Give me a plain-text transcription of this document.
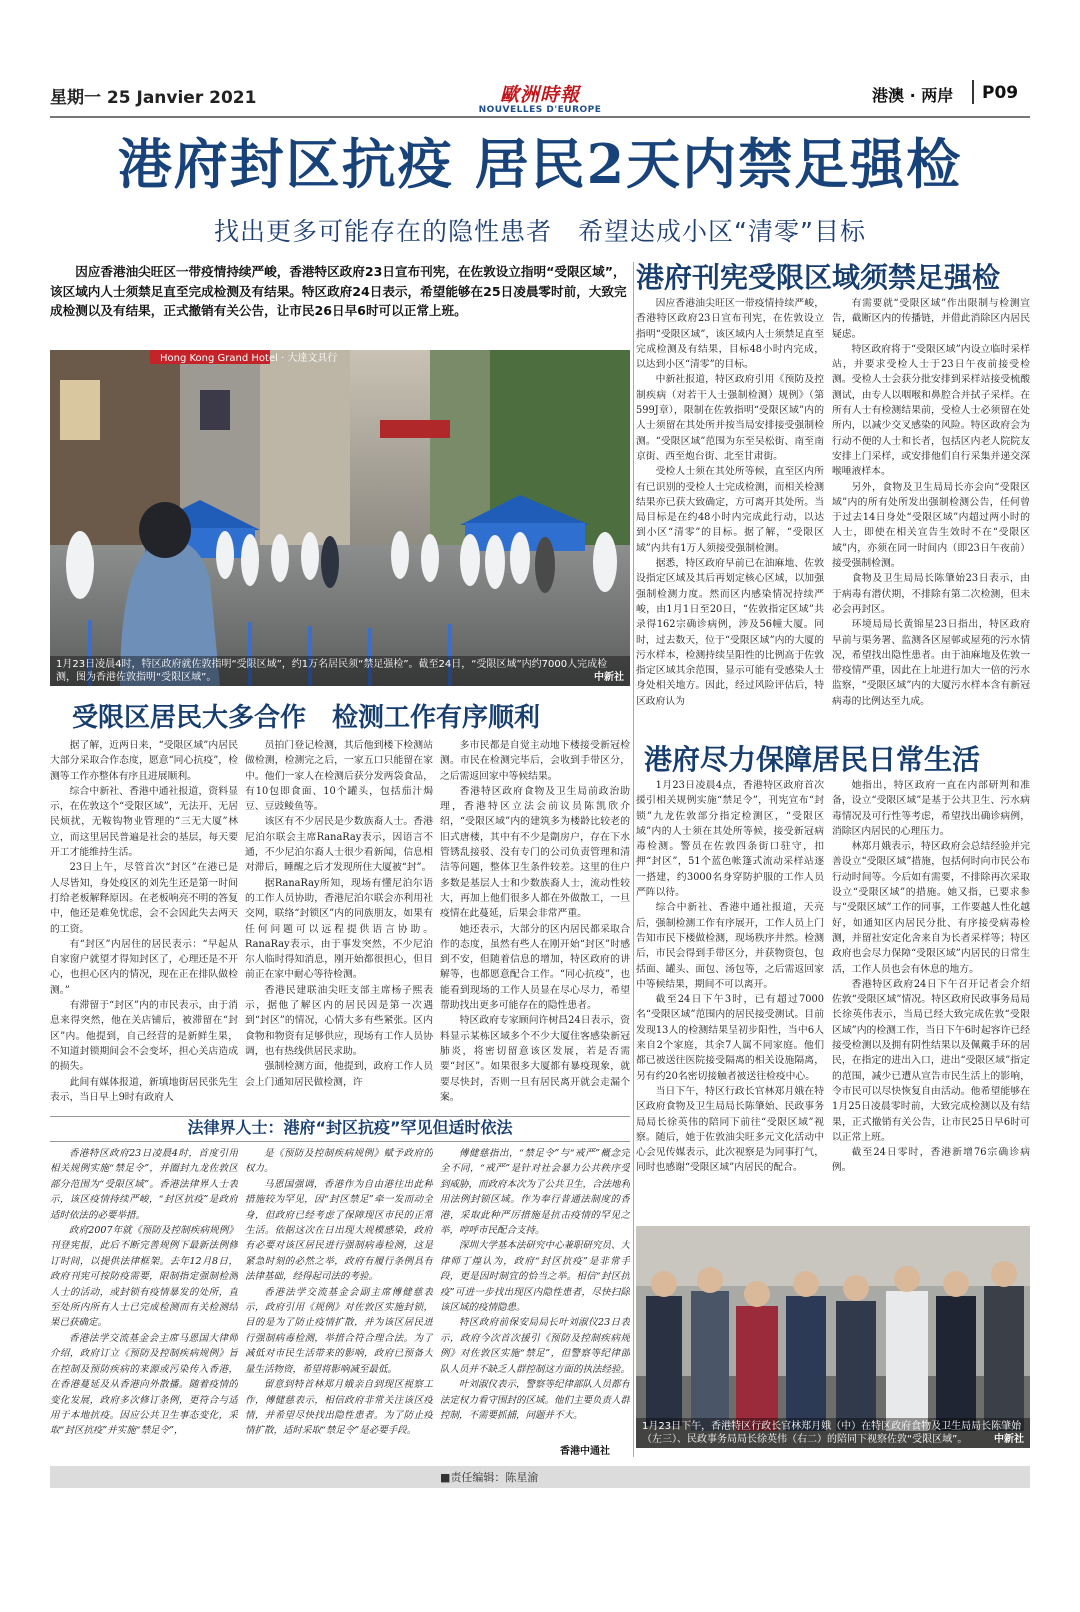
星期一 25 Janvier 2021	歐洲時報
NOUVELLES D'EUROPE
港澳 · 两岸 P09
港府封区抗疫 居民2天内禁足强检
找出更多可能存在的隐性患者　希望达成小区“清零”目标

因应香港油尖旺区一带疫情持续严峻，香港特区政府23日宣布刊宪，在佐敦设立指明“受限区域”，该区域内人士须禁足直至完成检测及有结果。特区政府24日表示，希望能够在25日凌晨零时前，大致完成检测以及有结果，正式撤销有关公告，让市民26日早6时可以正常上班。

Hong Kong Grand Hotel · 大達文具行
1月23日凌晨4时，特区政府就佐敦指明“受限区域”，约1万名居民须“禁足强检”。截至24日，“受限区域”内约7000人完成检测，图为香港佐敦指明“受限区域”。	中新社
受限区居民大多合作　检测工作有序顺利

据了解，近两日来，“受限区域”内居民大部分采取合作态度，愿意“同心抗疫”，检测等工作亦整体有序且进展顺利。

综合中新社、香港中通社报道，资料显示，在佐敦这个“受限区域”，无法开、无居民烦扰，无鞍钩物业管理的“三无大厦”林立，而这里居民普遍是社会的基层，每天要开工才能维持生活。

23日上午，尽管首次“封区”在港已是人尽皆知，身处疫区的刘先生还是第一时间打给老板解释原因。在老板响亮不明的答复中，他还是难免忧虑，会不会因此失去两天的工资。

有“封区”内居住的居民表示：“早起从自家窗户就望才得知封区了，心理还是不开心，也担心区内的情况，现在正在排队做检测。”

有滞留于“封区”内的市民表示，由于消息来得突然，他在关店铺后，被滞留在“封区”内。他提到，自己经营的是新鲜生果，不知道封锁期间会不会变坏，担心关店造成的损失。

此间有媒体报道，新填地街居民张先生表示，当日早上9时有政府人

员拍门登记检测，其后他到楼下检测站做检测，检测完之后，一家五口只能留在家中。他们一家人在检测后获分发两袋食品，有10包即食面、10个罐头，包括茄汁焗豆、豆豉鲮鱼等。

该区有不少居民是少数族裔人士。香港尼泊尔联会主席RanaRay表示，因语言不通，不少尼泊尔裔人士很少看新闻，信息相对滞后，睡醒之后才发现所住大厦被“封”。

据RanaRay所知，现场有懂尼泊尔语的工作人员协助，香港尼泊尔联会亦利用社交网，联络“封锁区”内的同族朋友，如果有任何问题可以远程提供语言协助。RanaRay表示，由于事发突然，不少尼泊尔人临时得知消息，刚开始都很担心，但目前正在家中耐心等待检测。

香港民建联油尖旺支部主席杨子熙表示，据他了解区内的居民因是第一次遇到“封区”的情况，心情大多有些紧张。区内食物和物资有足够供应，现场有工作人员协调，也有热线供居民求助。

强制检测方面，他提到，政府工作人员会上门通知居民做检测，许

多市民都是自觉主动地下楼接受新冠检测。市民在检测完毕后，会收到手带区分，之后需返回家中等候结果。

香港特区政府食物及卫生局前政治助理，香港特区立法会前议员陈凯欣介绍，“受限区域”内的建筑多为楼龄比较老的旧式唐楼，其中有不少是劏房户，存在下水管锈乱接驳、没有专门的公司负责管理和清洁等问题，整体卫生条件较差。这里的住户多数是基层人士和少数族裔人士，流动性较大，再加上他们很多人都在外做散工，一旦疫情在此蔓延，后果会非常严重。

她还表示，大部分的区内居民都采取合作的态度，虽然有些人在刚开始“封区”时感到不安，但随着信息的增加，特区政府的讲解等，也都愿意配合工作。“同心抗疫”，也能看到现场的工作人员显在尽心尽力，希望帮助找出更多可能存在的隐性患者。

特区政府专家顾问许树昌24日表示，资料显示某栋区域多个不少大厦住客感染新冠肺炎，将密切留意该区发展，若是否需要“封区”。如果很多大厦都有暴疫现象，就要尽快封，否则一旦有居民离开就会走漏个案。

法律界人士：港府“封区抗疫”罕见但适时依法

香港特区政府23日凌晨4时，首度引用相关规例实施“禁足令”，并圈封九龙佐敦区部分范围为“受限区域”。香港法律界人士表示，该区疫情持续严峻，“封区抗疫”是政府适时依法的必要举措。

政府2007年就《预防及控制疾病规例》刊登宪报，此后不断完善规例下最新法例修订时间，以提供法律框架。去年12月8日，政府刊宪可按防疫需要，限制指定强制检测人士的活动，或封锁有疫情暴发的处所，直至处所内所有人士已完成检测而有关检测结果已获确定。

香港法学交流基金会主席马恩国大律师介绍，政府订立《预防及控制疾病规例》旨在控制及预防疾病的来源或污染传入香港，在香港蔓延及从香港向外散播。随着疫情的变化发展，政府多次修订条例，更符合与适用于本地抗疫。因应公共卫生事态变化，采取“封区抗疫”并实施“禁足令”，

是《预防及控制疾病规例》赋予政府的权力。

马恩国强调，香港作为自由港往出此种措施较为罕见，因“封区禁足”牵一发而动全身，但政府已经考虑了保障现区市民的正常生活。依据这次在日出现大规模感染，政府有必要对该区居民进行强制病毒检测，这是紧急时刻的必然之举，政府有履行条例具有法律基础，经得起司法的考验。

香港法学交流基金会副主席傅健慈表示，政府引用《规例》对佐敦区实施封锁，目的是为了防止疫情扩散，并为该区居民进行强制病毒检测，举措合符合理合法。为了减低对市民生活带来的影响，政府已预备大量生活物资，希望将影响减至最低。

留意到特首林郑月娥亲自到现区视察工作，傅健慈表示，相信政府非常关注该区疫情，并希望尽快找出隐性患者。为了防止疫情扩散，适时采取“禁足令”是必要手段。

傅健慈指出，“禁足令”与“戒严”概念完全不同，“戒严”是针对社会暴力公共秩序受到威胁，而政府本次为了公共卫生，合法地利用法例封锁区域。作为奉行普通法制度的香港，采取此种严厉措施是抗击疫情的罕见之举，哼呼市民配合支持。

深圳大学基本法研究中心兼职研究员、大律师丁煌认为，政府“封区抗疫”是非常手段，更是因时制宜的恰当之举。相信“封区抗疫”可进一步找出现区内隐性患者，尽快扫除该区域的疫情隐患。

特区政府前保安局局长叶刘淑仪23日表示，政府今次首次援引《预防及控制疾病规例》对佐敦区实施“禁足”，但警察等纪律部队人员并不缺乏人群控制这方面的执法经验。

叶刘淑仪表示，警察等纪律部队人员都有法定权力看守围封的区域。他们主要负责人群控制，不需要抓捕，问题并不大。

香港中通社
港府刊宪受限区域须禁足强检

因应香港油尖旺区一带疫情持续严峻，香港特区政府23日宣布刊宪，在佐敦设立指明“受限区域”，该区域内人士须禁足直至完成检测及有结果，目标48小时内完成，以达到小区“清零”的目标。

中新社报道，特区政府引用《预防及控制疾病（对若干人士强制检测）规例》（第599J章），限制在佐敦指明“受限区域”内的人士须留在其处所并按当局安排接受强制检测。“受限区域”范围为东至吴松街、南至南京街、西至炮台街、北至甘肃街。

受检人士须在其处所等候，直至区内所有已识别的受检人士完成检测，而相关检测结果亦已获大致确定，方可离开其处所。当局目标是在约48小时内完成此行动，以达到小区“清零”的目标。据了解，“受限区域”内共有1万人须接受强制检测。

据悉，特区政府早前已在油麻地、佐敦设指定区域及其后再划定核心区域，以加强强制检测力度。然而区内感染情况持续严峻，由1月1日至20日，“佐敦指定区域”共录得162宗确诊病例，涉及56幢大厦。同时，过去数天，位于“受限区域”内的大厦的污水样本，检测持续呈阳性的比例高于佐敦指定区域其余范围，显示可能有受感染人士身处相关地方。因此，经过风险评估后，特区政府认为

有需要就“受限区域”作出限制与检测宣告，截断区内的传播链，并借此消除区内居民疑虑。

特区政府将于“受限区域”内设立临时采样站，并要求受检人士于23日午夜前接受检测。受检人士会获分批安排到采样站接受梳酸测试，由专人以咽喉和鼻腔合并拭子采样。在所有人士有检测结果前，受检人士必须留在处所内，以减少交叉感染的风险。特区政府会为行动不便的人士和长者，包括区内老人院院友安排上门采样，或安排他们自行采集并递交深喉唾液样本。

另外，食物及卫生局局长亦会向“受限区域”内的所有处所发出强制检测公告，任何曾于过去14日身处“受限区域”内超过两小时的人士，即使在相关宣告生效时不在“受限区域”内，亦须在同一时间内（即23日午夜前）接受强制检测。

食物及卫生局局长陈肇始23日表示，由于病毒有潜伏期，不排除有第二次检测，但未必会再封区。

环境局局长黄锦星23日指出，特区政府早前与渠务署、监测各区屋邨或屋苑的污水情况，希望找出隐性患者。由于油麻地及佐敦一带疫情严重，因此在上址进行加大一倍的污水监察，“受限区域”内的大厦污水样本含有新冠病毒的比例达至九成。

港府尽力保障居民日常生活

1月23日凌晨4点，香港特区政府首次援引相关规例实施“禁足令”，刊宪宣布“封锁”九龙佐敦部分指定检测区，“受限区域”内的人士须在其处所等候，接受新冠病毒检测。警员在佐敦四条街口驻守，扣押“封区”，51个蓝色帐篷式流动采样站逐一搭建，约3000名身穿防护服的工作人员严阵以待。

综合中新社、香港中通社报道，天亮后，强制检测工作有序展开，工作人员上门告知市民下楼做检测，现场秩序井然。检测后，市民会得到手带区分，并获物资包，包括面、罐头、面包、汤包等，之后需返回家中等候结果，期间不可以离开。

截至24日下午3时，已有超过7000名“受限区域”范围内的居民接受测试。目前发现13人的检测结果呈初步阳性，当中6人来自2个家庭，其余7人属不同家庭。他们都已被送往医院接受隔离的相关设施隔离，另有约20名密切接触者被送往检疫中心。

当日下午，特区行政长官林郑月娥在特区政府食物及卫生局局长陈肇始、民政事务局局长徐英伟的陪同下前往“受限区域”视察。随后，她于佐敦油尖旺多元文化活动中心会见传媒表示，此次视察是为同事打气，同时也感谢“受限区域”内居民的配合。

她指出，特区政府一直在内部研判和准备，设立“受限区域”是基于公共卫生、污水病毒情况及可行性等考虑，希望找出确诊病例，消除区内居民的心理压力。

林郑月娥表示，特区政府会总结经验并完善设立“受限区域”措施，包括何时向市民公布行动时间等。今后如有需要，不排除再次采取设立“受限区域”的措施。她又指，已要求参与“受限区域”工作的同事，工作要越人性化越好，如通知区内居民分批、有序接受病毒检测，并留社安定化舍来自为长者采样等；特区政府也会尽力保障“受限区域”内居民的日常生活，工作人员也会有休息的地方。

香港特区政府24日下午召开记者会介绍佐敦“受限区域”情况。特区政府民政事务局局长徐英伟表示，当局已经大致完成佐敦“受限区域”内的检测工作，当日下午6时起容许已经接受检测以及拥有阴性结果以及佩戴手环的居民，在指定的进出入口，进出“受限区域”指定的范围，减少已遭从宣告市民生活上的影响，令市民可以尽快恢复自由活动。他希望能够在1月25日凌晨零时前，大致完成检测以及有结果，正式撤销有关公告，让市民25日早6时可以正常上班。

截至24日零时，香港新增76宗确诊病例。

1月23日下午，香港特区行政长官林郑月娥（中）在特区政府食物及卫生局局长陈肇始（左三）、民政事务局局长徐英伟（右二）的陪同下视察佐敦“受限区域”。	中新社
■责任编辑：陈星渝
